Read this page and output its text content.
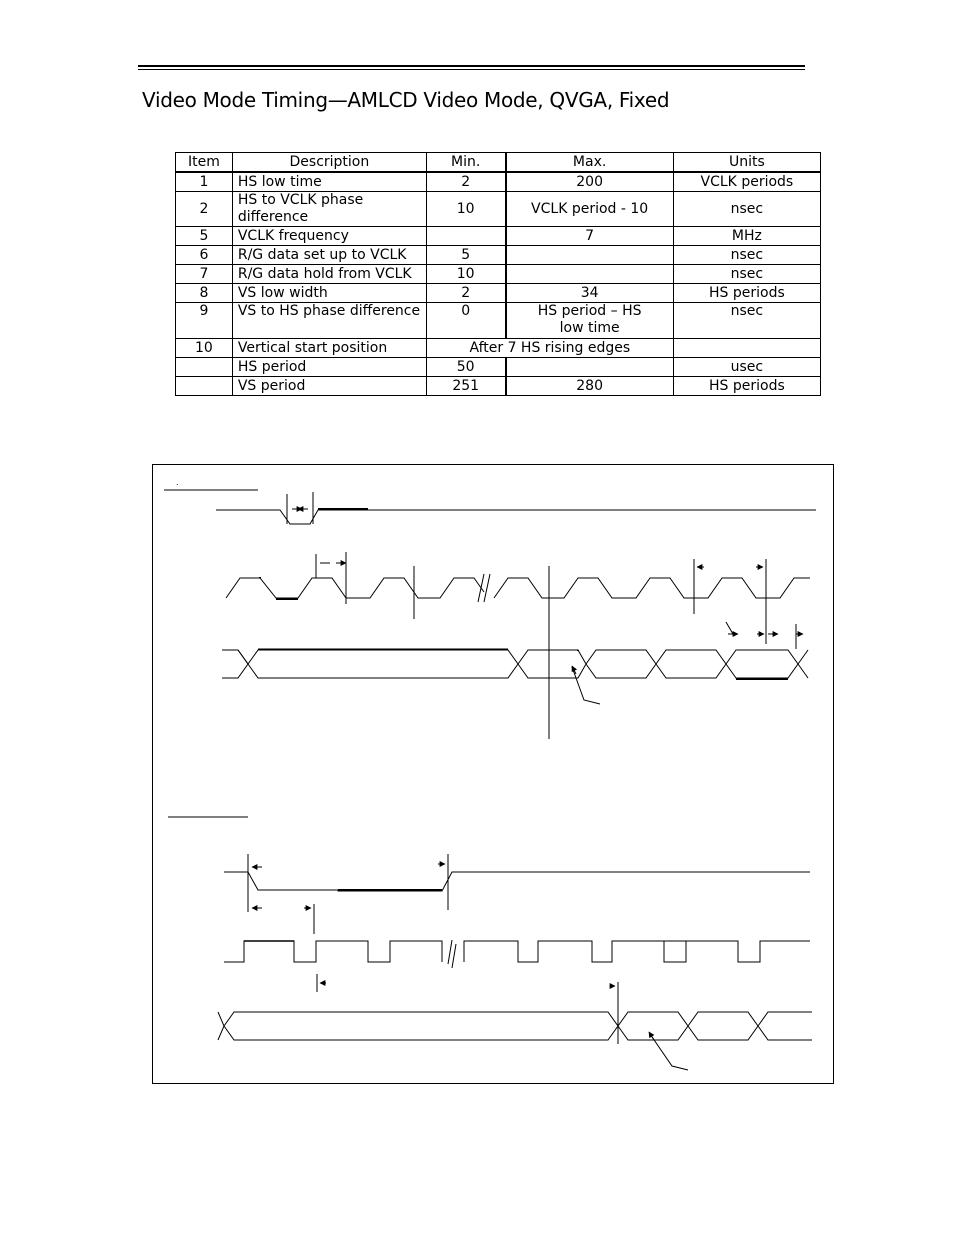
Video Mode Timing—AMLCD Video Mode, QVGA, Fixed
Item	Description	Min.	Max.	Units
1	HS low time	2	200	VCLK periods
2	HS to VCLK phase difference	10	VCLK period - 10	nsec
5	VCLK frequency		7	MHz
6	R/G data set up to VCLK	5		nsec
7	R/G data hold from VCLK	10		nsec
8	VS low width	2	34	HS periods
9	VS to HS phase difference	0	HS period – HS low time	nsec
10	Vertical start position	After 7 HS rising edges		
	HS period	50		usec
	VS period	251	280	HS periods
.
